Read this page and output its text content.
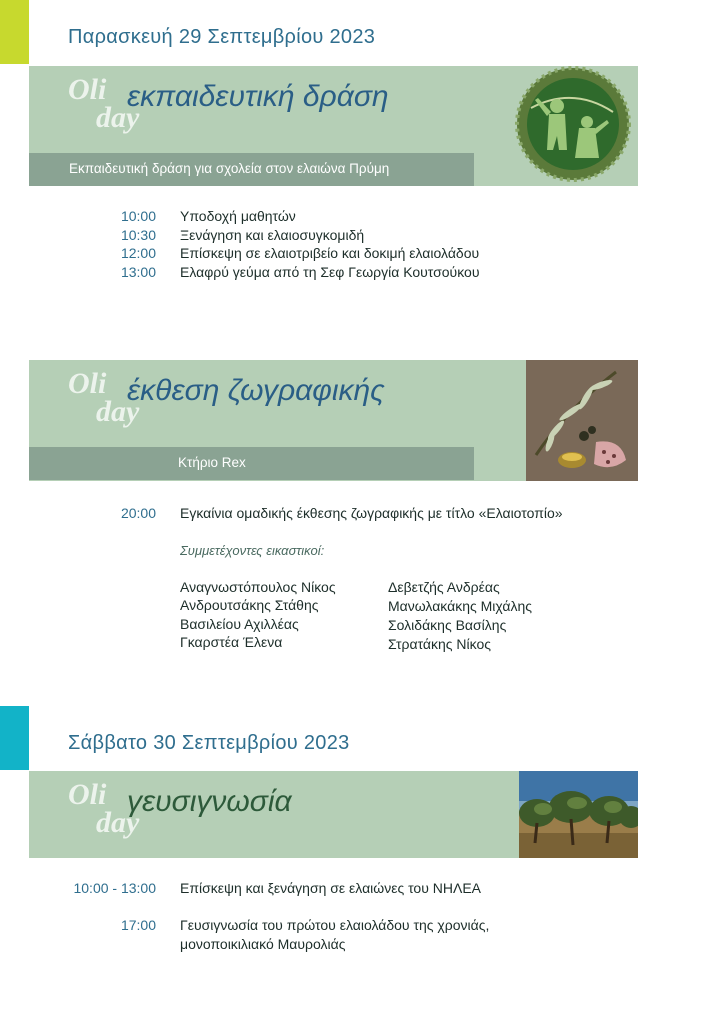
Παρασκευή 29 Σεπτεμβρίου 2023
Oli
day
εκπαιδευτική δράση
Εκπαιδευτική δράση για σχολεία στον ελαιώνα Πρύμη
10:00 Υποδοχή μαθητών
10:30 Ξενάγηση και ελαιοσυγκομιδή
12:00 Επίσκεψη σε ελαιοτριβείο και δοκιμή ελαιολάδου
13:00 Ελαφρύ γεύμα από τη Σεφ Γεωργία Κουτσούκου
Oli
day
έκθεση ζωγραφικής
Κτήριο Rex
20:00 Εγκαίνια ομαδικής έκθεσης ζωγραφικής με τίτλο «Ελαιοτοπίο»
Συμμετέχοντες εικαστικοί:
Αναγνωστόπουλος Νίκος
Ανδρουτσάκης Στάθης
Βασιλείου Αχιλλέας
Γκαρστέα Έλενα
Δεβετζής Ανδρέας
Μανωλακάκης Μιχάλης
Σολιδάκης Βασίλης
Στρατάκης Νίκος
Σάββατο 30 Σεπτεμβρίου 2023
Oli
day
γευσιγνωσία
10:00 - 13:00 Επίσκεψη και ξενάγηση σε ελαιώνες του ΝΗΛΕΑ
17:00 Γευσιγνωσία του πρώτου ελαιολάδου της χρονιάς,
μονοποικιλιακό Μαυρολιάς
